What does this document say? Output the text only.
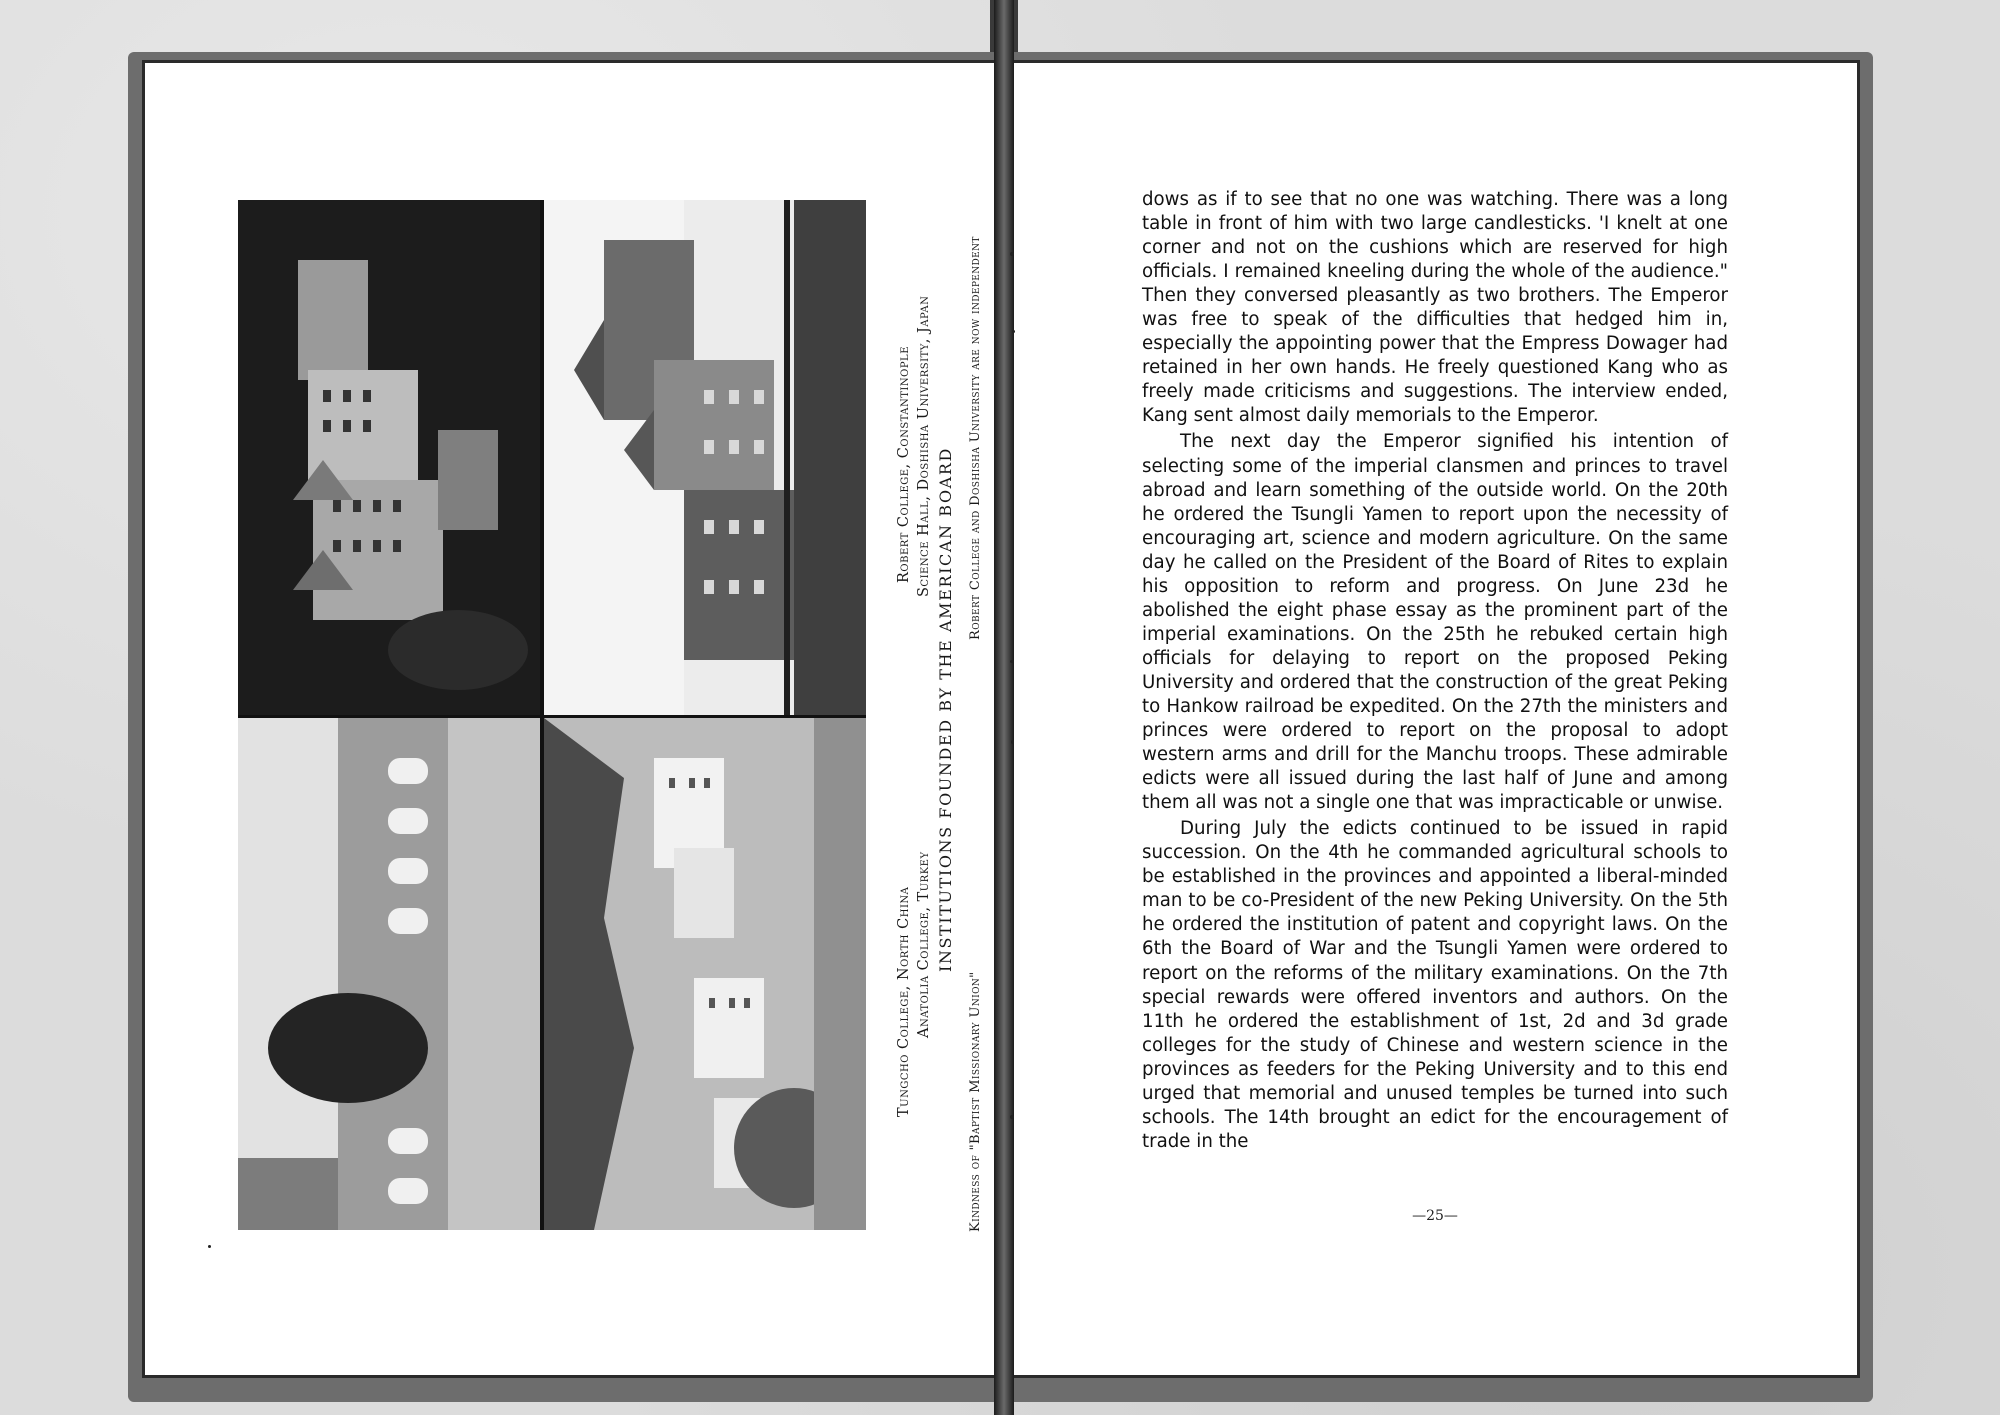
Tungcho College, North China
Robert College, Constantinople
Anatolia College, Turkey
Science Hall, Doshisha University, Japan
INSTITUTIONS FOUNDED BY THE AMERICAN BOARD
Kindness of "Baptist Missionary Union"
Robert College and Doshisha University are now independent

dows as if to see that no one was watching. There was a long table in front of him with two large candlesticks. 'I knelt at one corner and not on the cushions which are reserved for high officials. I remained kneeling during the whole of the audience." Then they conversed pleasantly as two brothers. The Emperor was free to speak of the difficulties that hedged him in, especially the appointing power that the Empress Dowager had retained in her own hands. He freely questioned Kang who as freely made criticisms and suggestions. The interview ended, Kang sent almost daily memorials to the Emperor.

The next day the Emperor signified his intention of selecting some of the imperial clansmen and princes to travel abroad and learn something of the outside world. On the 20th he ordered the Tsungli Yamen to report upon the necessity of encouraging art, science and modern agriculture. On the same day he called on the President of the Board of Rites to explain his opposition to reform and progress. On June 23d he abolished the eight phase essay as the prominent part of the imperial examinations. On the 25th he rebuked certain high officials for delaying to report on the proposed Peking University and ordered that the construction of the great Peking to Hankow railroad be expedited. On the 27th the ministers and princes were ordered to report on the proposal to adopt western arms and drill for the Manchu troops. These admirable edicts were all issued during the last half of June and among them all was not a single one that was impracticable or unwise.

During July the edicts continued to be issued in rapid succession. On the 4th he commanded agricultural schools to be established in the provinces and appointed a liberal-minded man to be co-President of the new Peking University. On the 5th he ordered the institution of patent and copyright laws. On the 6th the Board of War and the Tsungli Yamen were ordered to report on the reforms of the military examinations. On the 7th special rewards were offered inventors and authors. On the 11th he ordered the establishment of 1st, 2d and 3d grade colleges for the study of Chinese and western science in the provinces as feeders for the Peking University and to this end urged that memorial and unused temples be turned into such schools. The 14th brought an edict for the encouragement of trade in the

—25—
